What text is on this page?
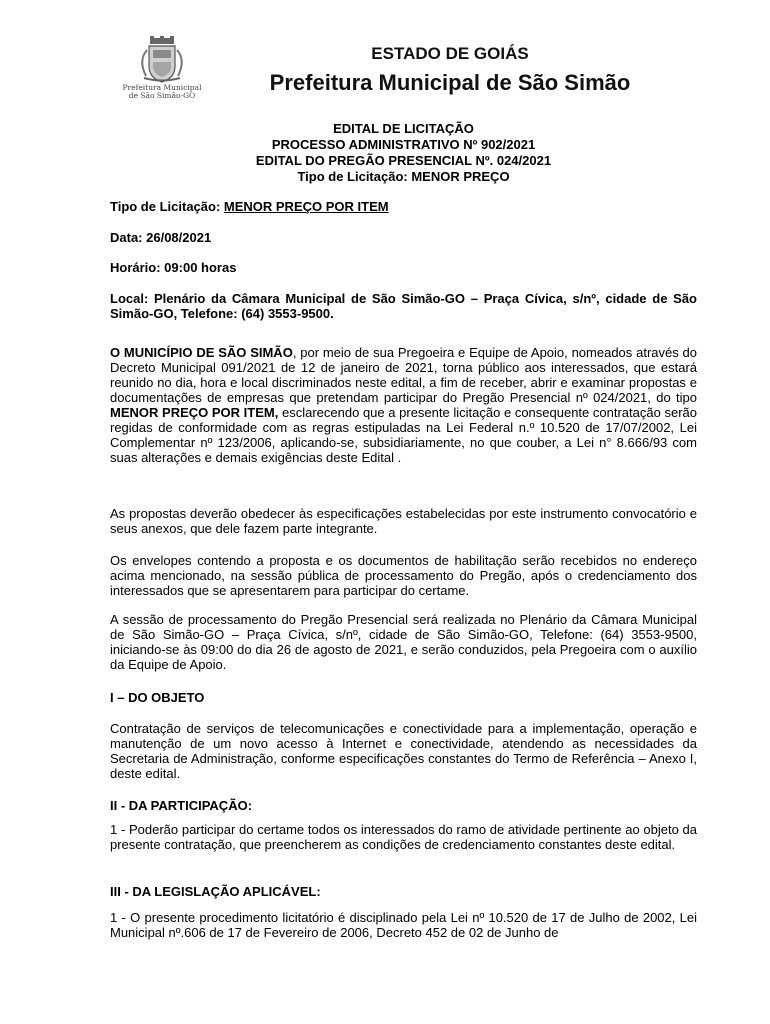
Prefeitura Municipal
de São Simão-GO
ESTADO DE GOIÁS
Prefeitura Municipal de São Simão
EDITAL DE LICITAÇÃO
PROCESSO ADMINISTRATIVO Nº 902/2021
EDITAL DO PREGÃO PRESENCIAL Nº. 024/2021
Tipo de Licitação: MENOR PREÇO
Tipo de Licitação: MENOR PREÇO POR ITEM
Data: 26/08/2021
Horário: 09:00 horas
Local: Plenário da Câmara Municipal de São Simão-GO – Praça Cívica, s/nº, cidade de São Simão-GO, Telefone: (64) 3553-9500.
O MUNICÍPIO DE SÃO SIMÃO, por meio de sua Pregoeira e Equipe de Apoio, nomeados através do Decreto Municipal 091/2021 de 12 de janeiro de 2021, torna público aos interessados, que estará reunido no dia, hora e local discriminados neste edital, a fim de receber, abrir e examinar propostas e documentações de empresas que pretendam participar do Pregão Presencial nº 024/2021, do tipo MENOR PREÇO POR ITEM, esclarecendo que a presente licitação e consequente contratação serão regidas de conformidade com as regras estipuladas na Lei Federal n.º 10.520 de 17/07/2002, Lei Complementar nº 123/2006, aplicando-se, subsidiariamente, no que couber, a Lei n° 8.666/93 com suas alterações e demais exigências deste Edital .

As propostas deverão obedecer às especificações estabelecidas por este instrumento convocatório e seus anexos, que dele fazem parte integrante.

Os envelopes contendo a proposta e os documentos de habilitação serão recebidos no endereço acima mencionado, na sessão pública de processamento do Pregão, após o credenciamento dos interessados que se apresentarem para participar do certame.

A sessão de processamento do Pregão Presencial será realizada no Plenário da Câmara Municipal de São Simão-GO – Praça Cívica, s/nº, cidade de São Simão-GO, Telefone: (64) 3553-9500, iniciando-se às 09:00 do dia 26 de agosto de 2021, e serão conduzidos, pela Pregoeira com o auxílio da Equipe de Apoio.

I – DO OBJETO

Contratação de serviços de telecomunicações e conectividade para a implementação, operação e manutenção de um novo acesso à Internet e conectividade, atendendo as necessidades da Secretaria de Administração, conforme especificações constantes do Termo de Referência – Anexo I, deste edital.

II - DA PARTICIPAÇÃO:

1 - Poderão participar do certame todos os interessados do ramo de atividade pertinente ao objeto da presente contratação, que preencherem as condições de credenciamento constantes deste edital.

III - DA LEGISLAÇÃO APLICÁVEL:

1 - O presente procedimento licitatório é disciplinado pela Lei nº 10.520 de 17 de Julho de 2002, Lei Municipal nº.606 de 17 de Fevereiro de 2006, Decreto 452 de 02 de Junho de
